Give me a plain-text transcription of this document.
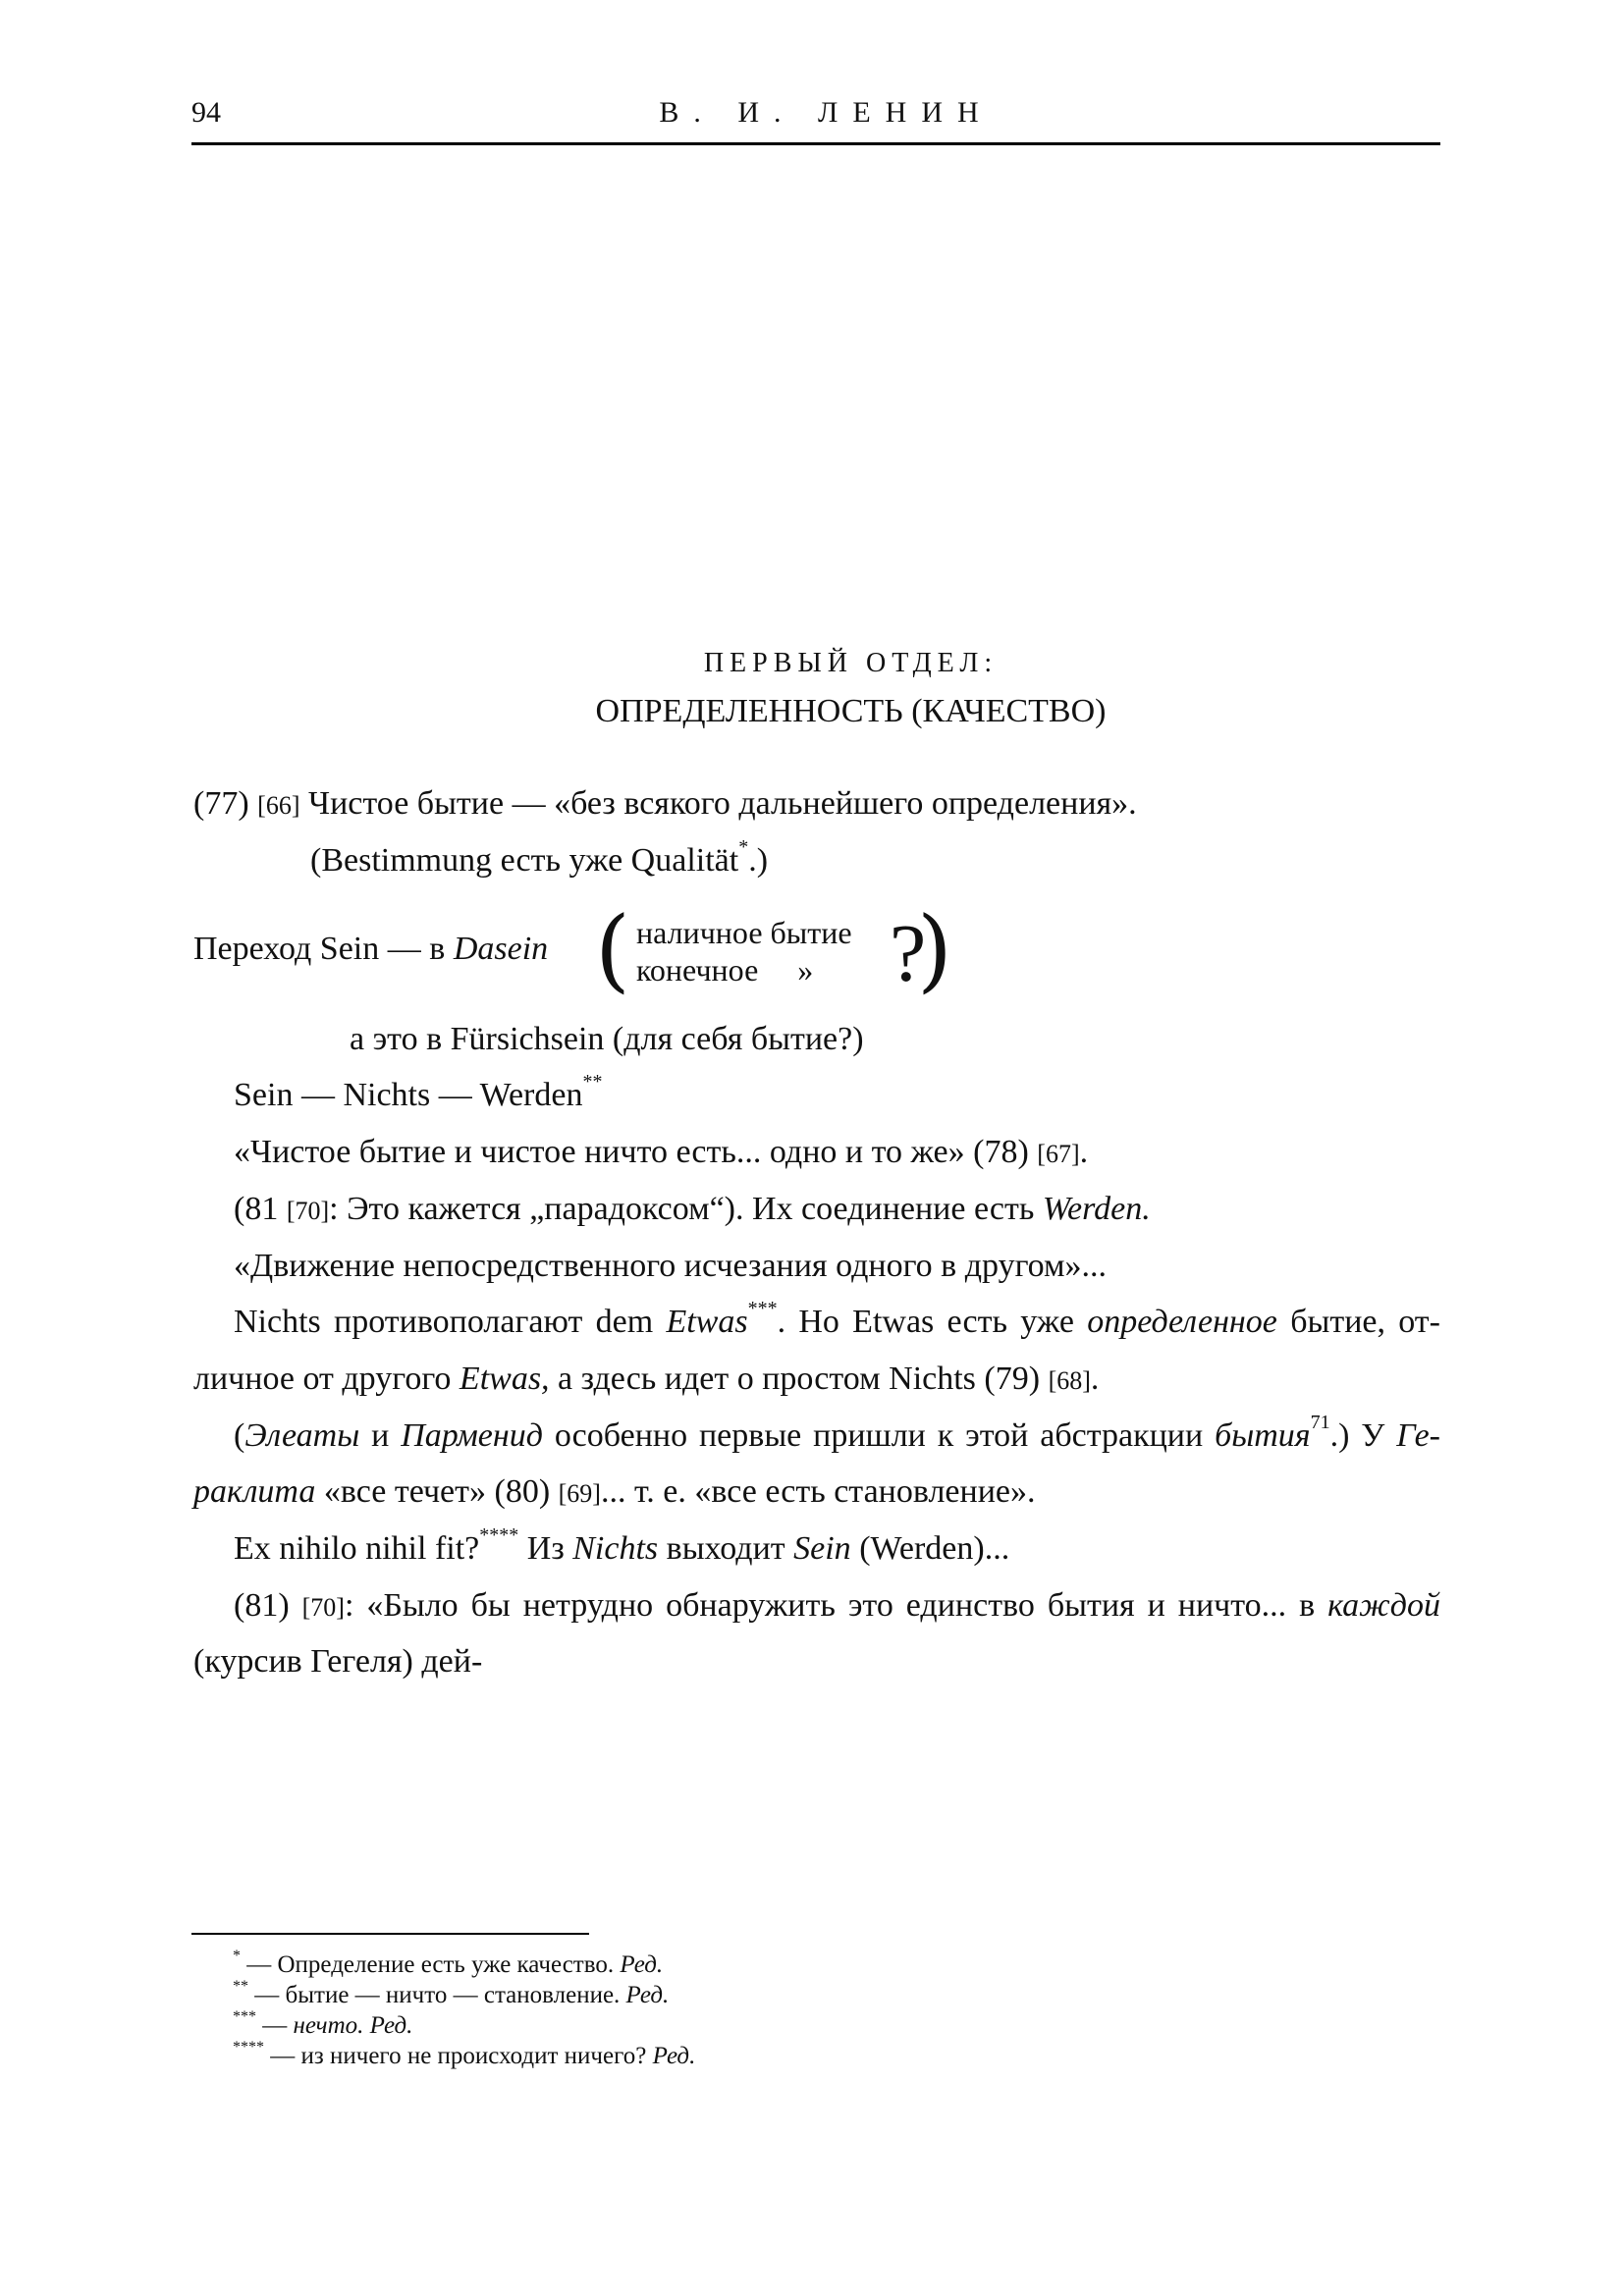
94	В. И. ЛЕНИН
ПЕРВЫЙ ОТДЕЛ:
ОПРЕДЕЛЕННОСТЬ (КАЧЕСТВО)
(77) [66] Чистое бытие — «без всякого дальнейшего определения».
(Bestimmung есть уже Qualität*.)
Переход Sein — в Dasein ( наличное бытие
конечное     » ?
)
а это в Fürsichsein (для себя бытие?)
Sein — Nichts — Werden**
«Чистое бытие и чистое ничто есть... одно и то же» (78) [67].
(81 [70]: Это кажется „парадоксом“). Их соединение есть Werden.
«Движение непосредственного исчезания одного в другом»...
Nichts противополагают dem Etwas***. Но Etwas есть уже определенное бытие, от-
личное от другого Etwas, а здесь идет о простом Nichts (79) [68].
(Элеаты и Парменид особенно первые пришли к этой абстракции бытия$^{71}$.) У Ге-
раклита «все течет» (80) [69]... т. е. «все есть становление».
Ex nihilo nihil fit?**** Из Nichts выходит Sein (Werden)...
(81) [70]: «Было бы нетрудно обнаружить это единство бытия и ничто... в каждой
(курсив Гегеля) дей-
* — Определение есть уже качество. Ред.
** — бытие — ничто — становление. Ред.
*** — нечто. Ред.
**** — из ничего не происходит ничего? Ред.
